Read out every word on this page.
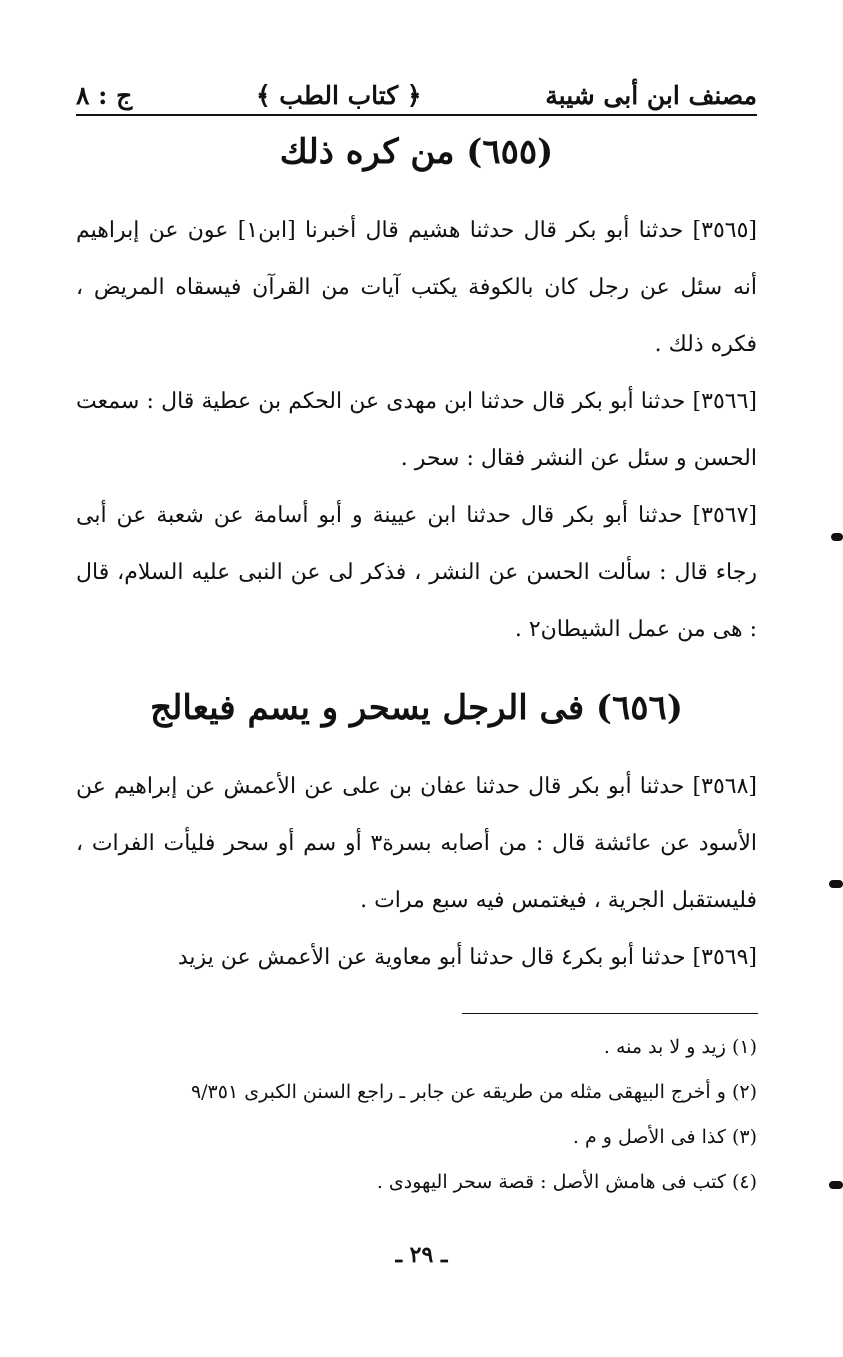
مصنف ابن أبى شيبة
﴿ كتاب الطب ﴾
ج : ٨
(٦٥٥) من كره ذلك

[٣٥٦٥] حدثنا أبو بكر قال حدثنا هشيم قال أخبرنا [ابن١] عون عن إبراهيم أنه سئل عن رجل كان بالكوفة يكتب آيات من القرآن فيسقاه المريض ، فكره ذلك .

[٣٥٦٦] حدثنا أبو بكر قال حدثنا ابن مهدى عن الحكم بن عطية قال : سمعت الحسن و سئل عن النشر فقال : سحر .

[٣٥٦٧] حدثنا أبو بكر قال حدثنا ابن عيينة و أبو أسامة عن شعبة عن أبى رجاء قال : سألت الحسن عن النشر ، فذكر لى عن النبى عليه السلام، قال : هى من عمل الشيطان٢ .

(٦٥٦) فى الرجل يسحر و يسم فيعالج

[٣٥٦٨] حدثنا أبو بكر قال حدثنا عفان بن على عن الأعمش عن إبراهيم عن الأسود عن عائشة قال : من أصابه بسرة٣ أو سم أو سحر فليأت الفرات ، فليستقبل الجرية ، فيغتمس فيه سبع مرات .

[٣٥٦٩] حدثنا أبو بكر٤ قال حدثنا أبو معاوية عن الأعمش عن يزيد

(١) زيد و لا بد منه .

(٢) و أخرج البيهقى مثله من طريقه عن جابر ـ راجع السنن الكبرى ٩/٣٥١

(٣) كذا فى الأصل و م .

(٤) كتب فى هامش الأصل : قصة سحر اليهودى .

ـ ٢٩ ـ
